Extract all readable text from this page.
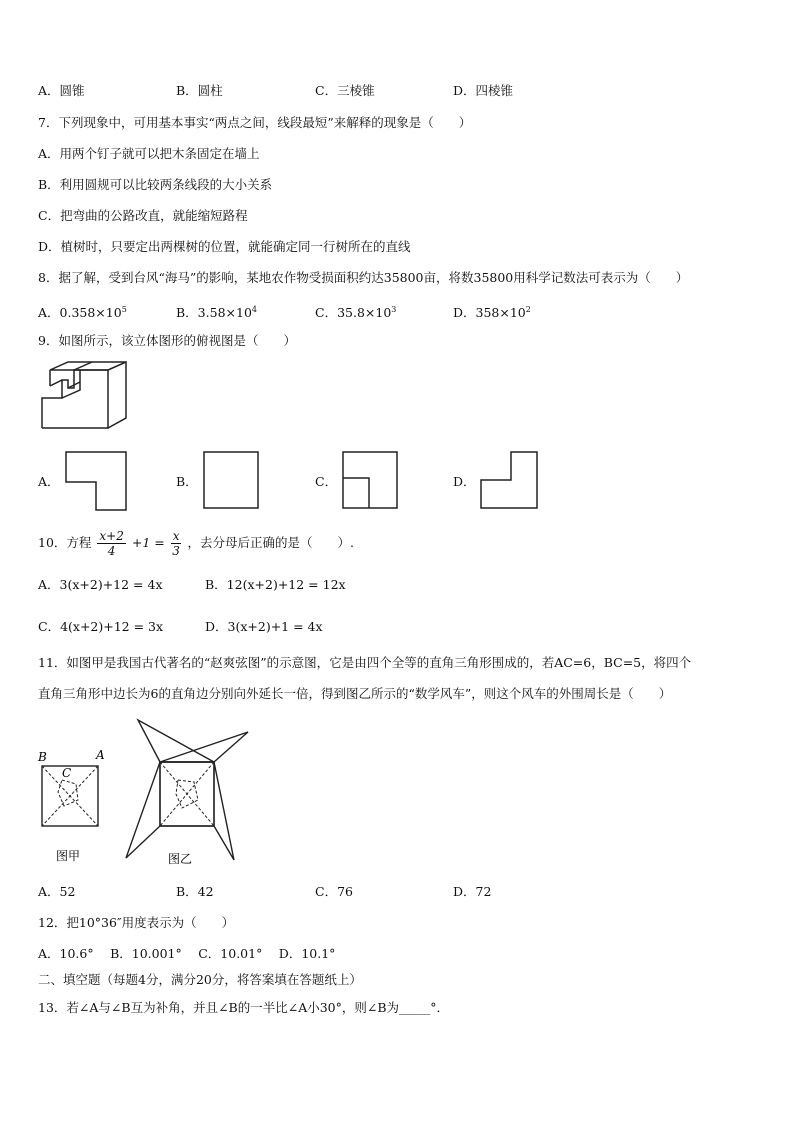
A．圆锥	B．圆柱	C．三棱锥	D．四棱锥
7．下列现象中，可用基本事实“两点之间，线段最短”来解释的现象是（　　）
A．用两个钉子就可以把木条固定在墙上
B．利用圆规可以比较两条线段的大小关系
C．把弯曲的公路改直，就能缩短路程
D．植树时，只要定出两棵树的位置，就能确定同一行树所在的直线
8．据了解，受到台风“海马”的影响，某地农作物受损面积约达35800亩，将数35800用科学记数法可表示为（　　）
A．$0.358\times 10^5$	B．$3.58\times 10^4$	C．$35.8\times 10^3$	D．$358\times 10^2$
9．如图所示，该立体图形的俯视图是（　　）
A．	B．	C．	D．
10．方程 $\frac{x+2}{4} +1 = \frac{x}{3}$ ，去分母后正确的是（　　）.
A．3(x+2)+12 = 4x	B．12(x+2)+12 = 12x
C．4(x+2)+12 = 3x	D．3(x+2)+1 = 4x
11．如图甲是我国古代著名的“赵爽弦图”的示意图，它是由四个全等的直角三角形围成的，若AC=6，BC=5，将四个
直角三角形中边长为6的直角边分别向外延长一倍，得到图乙所示的“数学风车”，则这个风车的外围周长是（　　）
B	A
C
图甲	图乙
A．52	B．42	C．76	D．72
12．把10°36″用度表示为（　　）
A．10.6°　 B．10.001°　 C．10.01°　 D．10.1°
二、填空题（每题4分，满分20分，将答案填在答题纸上）
13．若∠A与∠B互为补角，并且∠B的一半比∠A小30°，则∠B为_____°．
